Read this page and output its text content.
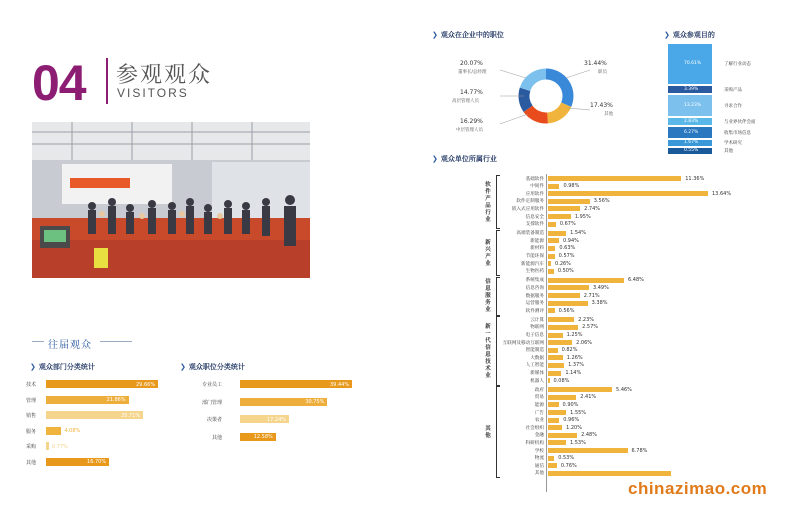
04 参观观众
VISITORS
往届观众
❯ 观众部门分类统计
技术	29.66%
管理	21.86%
销售	25.71%
服务	4.08%
采购	0.77%
其他	16.70%
❯ 观众职位分类统计
专业员工	39.44%
部门管理	30.75%
决策者	17.24%
其他	12.58%
❯ 观众在企业中的职位
31.44%
职员
17.43%
其他
16.29%
中层管理人员
14.77%
高层管理人员
20.07%
董事长/总经理
❯ 观众参观目的
70.61%	了解行业动态
3.39%	采购产品
13.23%	寻求合作
2.83%	与业界伙伴会面
6.27%	收集市场信息
1.67%	学术研究
0.55%	其他
❯ 观众单位所属行业
基础软件	11.36%
中间件	0.98%
应用软件	13.64%
软件定制服务	3.56%
嵌入式应用软件	2.74%
信息安全	1.95%
支撑软件	0.67%
软件产品行业
高端装备制造	1.54%
新能源	0.94%
新材料	0.63%
节能环保	0.57%
新能源汽车 0.26%
生物医药	0.50%
新兴产业
系统集成	6.48%
信息咨询	3.49%
数据服务	2.71%
运营服务	3.38%
软件测评	0.56%
信息服务业
云计算	2.23%
物联网	2.57%
电子信息	1.25%
互联网及移动互联网	2.06%
智能制造	0.82%
大数据	1.26%
人工智能	1.37%
新媒体	1.14%
机器人 0.08%
新一代信息技术业
政府	5.46%
贸易	2.41%
能源	0.90%
广告	1.55%
农业	0.96%
社会组织	1.20%
金融	2.48%
科研机构	1.53%
学校	6.78%
物流	0.53%
通信	0.76%
其他
其他
chinazimao.com
